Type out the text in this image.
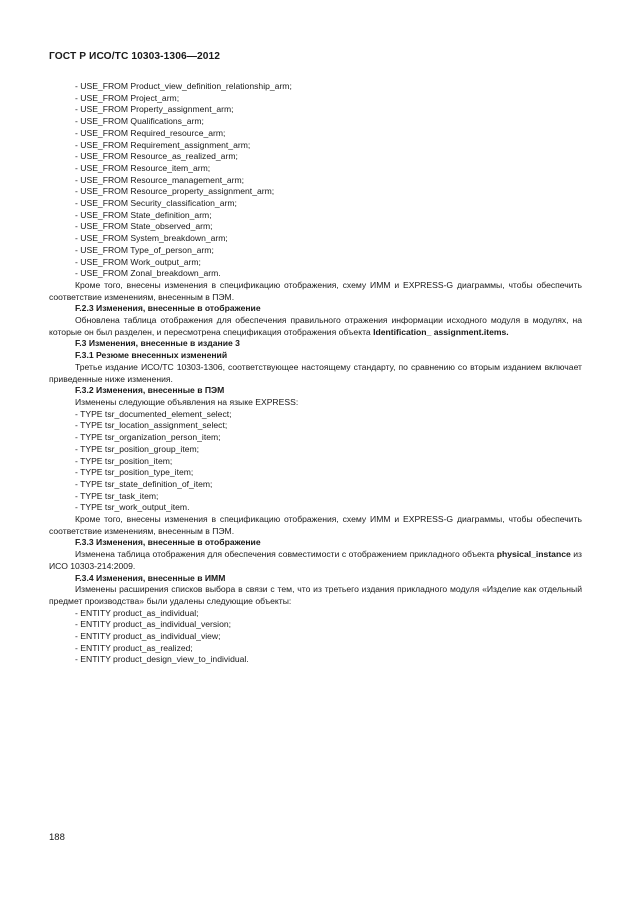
ГОСТ Р ИСО/ТС 10303-1306—2012

- USE_FROM Product_view_definition_relationship_arm;

- USE_FROM Project_arm;

- USE_FROM Property_assignment_arm;

- USE_FROM Qualifications_arm;

- USE_FROM Required_resource_arm;

- USE_FROM Requirement_assignment_arm;

- USE_FROM Resource_as_realized_arm;

- USE_FROM Resource_item_arm;

- USE_FROM Resource_management_arm;

- USE_FROM Resource_property_assignment_arm;

- USE_FROM Security_classification_arm;

- USE_FROM State_definition_arm;

- USE_FROM State_observed_arm;

- USE_FROM System_breakdown_arm;

- USE_FROM Type_of_person_arm;

- USE_FROM Work_output_arm;

- USE_FROM Zonal_breakdown_arm.

Кроме того, внесены изменения в спецификацию отображения, схему ИММ и EXPRESS-G диаграммы, чтобы обеспечить соответствие изменениям, внесенным в ПЭМ.

F.2.3 Изменения, внесенные в отображение

Обновлена таблица отображения для обеспечения правильного отражения информации исходного модуля в модулях, на которые он был разделен, и пересмотрена спецификация отображения объекта Identification_ assignment.items.

F.3 Изменения, внесенные в издание 3

F.3.1 Резюме внесенных изменений

Третье издание ИСО/ТС 10303-1306, соответствующее настоящему стандарту, по сравнению со вторым изданием включает приведенные ниже изменения.

F.3.2 Изменения, внесенные в ПЭМ

Изменены следующие объявления на языке EXPRESS:

- TYPE tsr_documented_element_select;

- TYPE tsr_location_assignment_select;

- TYPE tsr_organization_person_item;

- TYPE tsr_position_group_item;

- TYPE tsr_position_item;

- TYPE tsr_position_type_item;

- TYPE tsr_state_definition_of_item;

- TYPE tsr_task_item;

- TYPE tsr_work_output_item.

Кроме того, внесены изменения в спецификацию отображения, схему ИММ и EXPRESS-G диаграммы, чтобы обеспечить соответствие изменениям, внесенным в ПЭМ.

F.3.3 Изменения, внесенные в отображение

Изменена таблица отображения для обеспечения совместимости с отображением прикладного объекта physical_instance из ИСО 10303-214:2009.

F.3.4 Изменения, внесенные в ИММ

Изменены расширения списков выбора в связи с тем, что из третьего издания прикладного модуля «Изделие как отдельный предмет производства» были удалены следующие объекты:

- ENTITY product_as_individual;

- ENTITY product_as_individual_version;

- ENTITY product_as_individual_view;

- ENTITY product_as_realized;

- ENTITY product_design_view_to_individual.

188
